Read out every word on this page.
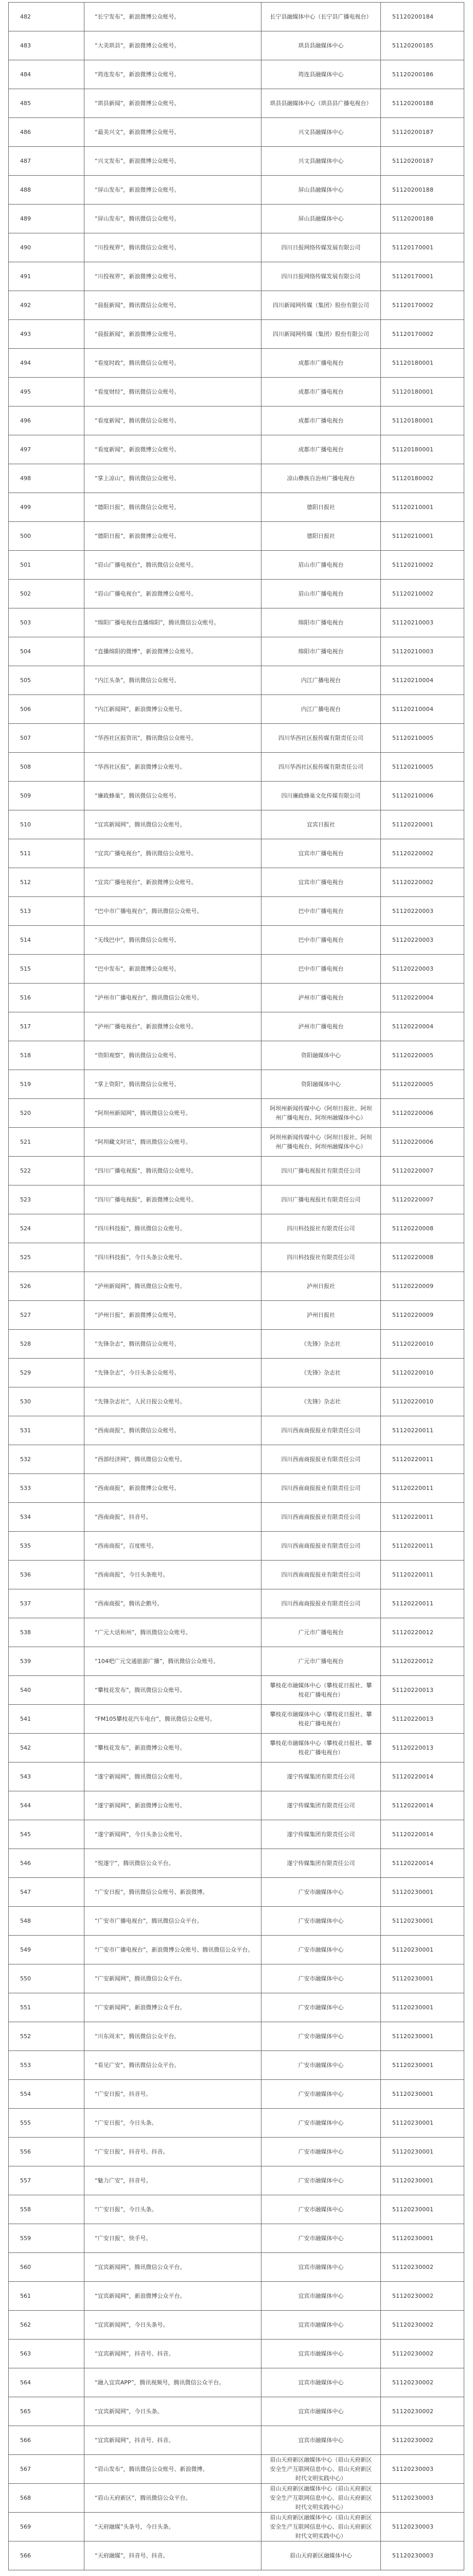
482	“长宁发布”，新浪微博公众账号。	长宁县融媒体中心（长宁县广播电视台）	51120200184
483	“大美珙县”，新浪微博公众账号。	珙县县融媒体中心	51120200185
484	“筠连发布”，新浪微博公众账号。	筠连县融媒体中心	51120200186
485	“珙县新闻”，新浪微博公众账号。	珙县县融媒体中心（珙县县广播电视台）	51120200188
486	“最美兴文”，新浪微博公众账号。	兴文县融媒体中心	51120200187
487	“兴文发布”，新浪微博公众账号。	兴文县融媒体中心	51120200187
488	“屏山发布”，新浪微博公众账号。	屏山县融媒体中心	51120200188
489	“屏山发布”，腾讯微信公众账号。	屏山县融媒体中心	51120200188
490	“川投视界”，腾讯微信公众账号。	四川日报网络传媒发展有限公司	51120170001
491	“川投视界”，新浪微博公众账号。	四川日报网络传媒发展有限公司	51120170001
492	“晨报新闻”，腾讯微信公众账号。	四川新闻网传媒（集团）股份有限公司	51120170002
493	“晨报新闻”，新浪微博公众账号。	四川新闻网传媒（集团）股份有限公司	51120170002
494	“看度时政”，腾讯微信公众账号。	成都市广播电视台	51120180001
495	“看度财经”，腾讯微信公众账号。	成都市广播电视台	51120180001
496	“看度新闻”，腾讯微信公众账号。	成都市广播电视台	51120180001
497	“看度新闻”，新浪微博公众账号。	成都市广播电视台	51120180001
498	“掌上凉山”，腾讯微信公众账号。	凉山彝族自治州广播电视台	51120180002
499	“德阳日报”，腾讯微信公众账号。	德阳日报社	51120210001
500	“德阳日报”，新浪微博公众账号。	德阳日报社	51120210001
501	“眉山广播电视台”，腾讯微信公众账号。	眉山市广播电视台	51120210002
502	“眉山广播电视台”，新浪微博公众账号。	眉山市广播电视台	51120210002
503	“绵阳广播电视台直播绵阳”，腾讯微信公众账号。	绵阳市广播电视台	51120210003
504	“直播绵阳的微博”，新浪微博公众账号。	绵阳市广播电视台	51120210003
505	“内江头条”，腾讯微信公众账号。	内江广播电视台	51120210004
506	“内江新闻网”，新浪微博公众账号。	内江广播电视台	51120210004
507	“华西社区报资讯”，腾讯微信公众账号。	四川华西社区报传媒有限责任公司	51120210005
508	“华西社区报”，新浪微博公众账号。	四川华西社区报传媒有限责任公司	51120210005
509	“廉政蜂巢”，腾讯微信公众账号。	四川廉政蜂巢文化传媒有限公司	51120210006
510	“宜宾新闻网”，腾讯微信公众账号。	宜宾日报社	51120220001
511	“宜宾广播电视台”，腾讯微信公众账号。	宜宾市广播电视台	51120220002
512	“宜宾广播电视台”，新浪微博公众账号。	宜宾市广播电视台	51120220002
513	“巴中市广播电视台”，腾讯微信公众账号。	巴中市广播电视台	51120220003
514	“无线巴中”，腾讯微信公众账号。	巴中市广播电视台	51120220003
515	“巴中发布”，新浪微博公众账号。	巴中市广播电视台	51120220003
516	“泸州市广播电视台”，腾讯微信公众账号。	泸州市广播电视台	51120220004
517	“泸州广播电视台”，新浪微博公众账号。	泸州市广播电视台	51120220004
518	“资阳观察”，腾讯微信公众账号。	资阳融媒体中心	51120220005
519	“掌上资阳”，腾讯微信公众账号。	资阳融媒体中心	51120220005
520	“阿坝州新闻网”，腾讯微信公众账号。	阿坝州新闻传媒中心（阿坝日报社、阿坝州广播电视台、阿坝州融媒体中心）	51120220006
521	“阿坝藏文时讯”，腾讯微信公众账号。	阿坝州新闻传媒中心（阿坝日报社、阿坝州广播电视台、阿坝州融媒体中心）	51120220006
522	“四川广播电视报”，腾讯微信公众账号。	四川广播电视报社有限责任公司	51120220007
523	“四川广播电视报”，新浪微博公众账号。	四川广播电视报社有限责任公司	51120220007
524	“四川科技报”，腾讯微信公众账号。	四川科技报社有限责任公司	51120220008
525	“四川科技报”，今日头条公众账号。	四川科技报社有限责任公司	51120220008
526	“泸州新闻网”，腾讯微信公众账号。	泸州日报社	51120220009
527	“泸州日报”，新浪微博公众账号。	泸州日报社	51120220009
528	“先锋杂志”，腾讯微信公众账号。	《先锋》杂志社	51120220010
529	“先锋杂志”，今日头条公众账号。	《先锋》杂志社	51120220010
530	“先锋杂志社”，人民日报公众账号。	《先锋》杂志社	51120220010
531	“西南商报”，腾讯微信公众账号。	四川西南商报报业有限责任公司	51120220011
532	“西部经济网”，腾讯微信公众账号。	四川西南商报报业有限责任公司	51120220011
533	“西南商报”，新浪微博公众账号。	四川西南商报报业有限责任公司	51120220011
534	“西南商报”，抖音号。	四川西南商报报业有限责任公司	51120220011
535	“西南商报”，百度账号。	四川西南商报报业有限责任公司	51120220011
536	“西南商报”，今日头条账号。	四川西南商报报业有限责任公司	51120220011
537	“西南商报”，腾讯企鹅号。	四川西南商报报业有限责任公司	51120220011
538	“广元大话和州”，腾讯微信公众账号。	广元市广播电视台	51120220012
539	“104吧广元交通旅游广播”，腾讯微信公众账号。	广元市广播电视台	51120220012
540	“攀枝花发布”，腾讯微信公众账号。	攀枝花市融媒体中心（攀枝花日报社、攀枝花广播电视台）	51120220013
541	“FM105攀枝花汽车电台”，腾讯微信公众账号。	攀枝花市融媒体中心（攀枝花日报社、攀枝花广播电视台）	51120220013
542	“攀枝花发布”，新浪微博公众账号。	攀枝花市融媒体中心（攀枝花日报社、攀枝花广播电视台）	51120220013
543	“遂宁新闻网”，腾讯微信公众账号。	遂宁传媒集团有限责任公司	51120220014
544	“遂宁新闻网”，新浪微博公众账号。	遂宁传媒集团有限责任公司	51120220014
545	“遂宁新闻网”，今日头条公众账号。	遂宁传媒集团有限责任公司	51120220014
546	“悦遂宁”，腾讯微信公众平台。	遂宁传媒集团有限责任公司	51120220014
547	“广安日报”，腾讯微信公众账号、新浪微博。	广安市融媒体中心	51120230001
548	“广安市广播电视台”，腾讯微信公众平台。	广安市融媒体中心	51120230001
549	“广安市广播电视台”，新浪微博公众账号、腾讯微信公众平台。	广安市融媒体中心	51120230001
550	“广安新闻网”，腾讯微信公众平台。	广安市融媒体中心	51120230001
551	“广安新闻网”，新浪微博公众平台。	广安市融媒体中心	51120230001
552	“川东周末”，腾讯微信公众平台。	广安市融媒体中心	51120230001
553	“看见广安”，腾讯微信公众平台。	广安市融媒体中心	51120230001
554	“广安日报”，抖音号。	广安市融媒体中心	51120230001
555	“广安日报”，今日头条。	广安市融媒体中心	51120230001
556	“广安日报”，抖音号、抖音。	广安市融媒体中心	51120230001
557	“魅力广安”，抖音号。	广安市融媒体中心	51120230001
558	“广安日报”，今日头条。	广安市融媒体中心	51120230001
559	“广安日报”，快手号。	广安市融媒体中心	51120230001
560	“宜宾新闻网”，腾讯微信公众平台。	宜宾市融媒体中心	51120230002
561	“宜宾新闻网”，新浪微博公众平台。	宜宾市融媒体中心	51120230002
562	“宜宾新闻网”，今日头条号。	宜宾市融媒体中心	51120230002
563	“宜宾新闻网”，抖音号、抖音。	宜宾市融媒体中心	51120230002
564	“融入宜宾APP”，腾讯视频号，腾讯微信公众平台。	宜宾市融媒体中心	51120230002
565	“宜宾新闻网”，今日头条。	宜宾市融媒体中心	51120230002
566	“宜宾新闻网”，抖音号、抖音。	宜宾市融媒体中心	51120230002
567	“眉山发布”，腾讯微信公众账号、新浪微博。	眉山天府新区融媒体中心（眉山天府新区安全生产互联网信息中心、眉山天府新区时代文明实践中心）	51120230003
568	“眉山天府新区”，腾讯微信公众平台。	眉山天府新区融媒体中心（眉山天府新区安全生产互联网信息中心、眉山天府新区时代文明实践中心）	51120230003
569	“天府融媒”头条号，今日头条。	眉山天府新区融媒体中心（眉山天府新区安全生产互联网信息中心、眉山天府新区时代文明实践中心）	51120230003
566	“天府融媒”，抖音号、抖音。	眉山天府新区融媒体中心	51120230003
